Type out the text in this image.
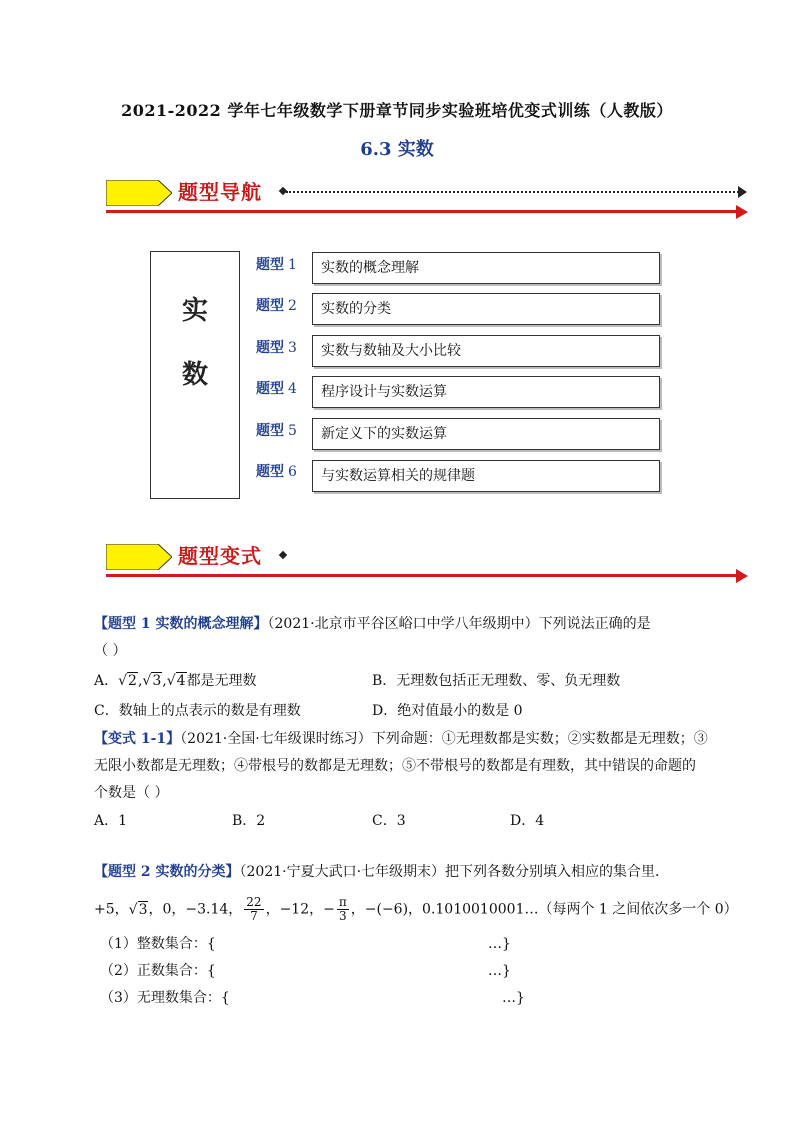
2021-2022 学年七年级数学下册章节同步实验班培优变式训练（人教版）
6.3 实数
题型导航
实
数
题型 1	实数的概念理解
题型 2	实数的分类
题型 3	实数与数轴及大小比较
题型 4	程序设计与实数运算
题型 5	新定义下的实数运算
题型 6	与实数运算相关的规律题
题型变式
【题型 1 实数的概念理解】（2021·北京市平谷区峪口中学八年级期中）下列说法正确的是
（ ）
A．√2,√3,√4都是无理数	B．无理数包括正无理数、零、负无理数
C．数轴上的点表示的数是有理数	D．绝对值最小的数是 0
【变式 1-1】（2021·全国·七年级课时练习）下列命题：①无理数都是实数；②实数都是无理数；③
无限小数都是无理数；④带根号的数都是无理数；⑤不带根号的数都是有理数，其中错误的命题的
个数是（ ）
A．1	B．2	C．3	D．4
【题型 2 实数的分类】（2021·宁夏大武口·七年级期末）把下列各数分别填入相应的集合里．
+5，√3，0，−3.14， $\frac{22}{7}$ ，−12，− $\frac{\pi}{3}$ ，−(−6)，0.1010010001…（每两个 1 之间依次多一个 0）
（1）整数集合：{	…}
（2）正数集合：{	…}
（3）无理数集合：{	…}
